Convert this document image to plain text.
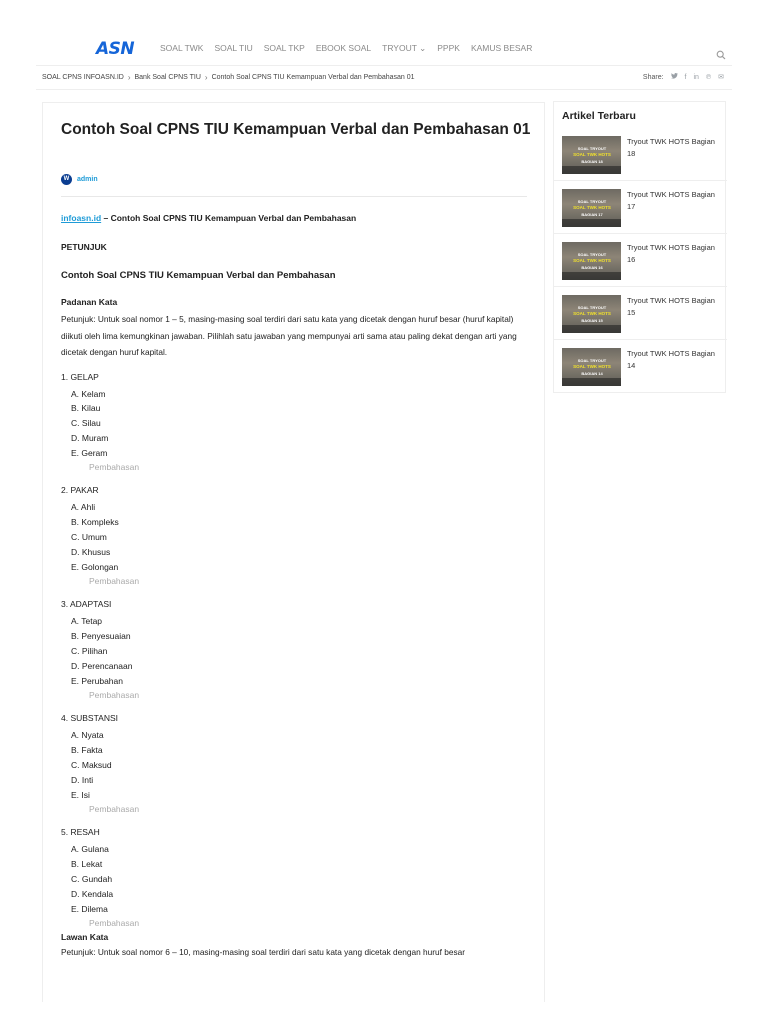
ASN	SOAL TWK SOAL TIU SOAL TKP EBOOK SOAL TRYOUT ⌄ PPPK KAMUS BESAR
SOAL CPNS INFOASN.ID › Bank Soal CPNS TIU › Contoh Soal CPNS TIU Kemampuan Verbal dan Pembahasan 01	Share:	f in ℗ ✉
Contoh Soal CPNS TIU Kemampuan Verbal dan Pembahasan 01
W	admin
infoasn.id – Contoh Soal CPNS TIU Kemampuan Verbal dan Pembahasan
PETUNJUK
Contoh Soal CPNS TIU Kemampuan Verbal dan Pembahasan
Padanan Kata
Petunjuk: Untuk soal nomor 1 – 5, masing-masing soal terdiri dari satu kata yang dicetak dengan huruf besar (huruf kapital) diikuti oleh lima kemungkinan jawaban. Pilihlah satu jawaban yang mempunyai arti sama atau paling dekat dengan arti yang dicetak dengan huruf kapital.
1. GELAP
A. Kelam
B. Kilau
C. Silau
D. Muram
E. Geram
Pembahasan
2. PAKAR
A. Ahli
B. Kompleks
C. Umum
D. Khusus
E. Golongan
Pembahasan
3. ADAPTASI
A. Tetap
B. Penyesuaian
C. Pilihan
D. Perencanaan
E. Perubahan
Pembahasan
4. SUBSTANSI
A. Nyata
B. Fakta
C. Maksud
D. Inti
E. Isi
Pembahasan
5. RESAH
A. Gulana
B. Lekat
C. Gundah
D. Kendala
E. Dilema
Pembahasan
Lawan Kata
Petunjuk: Untuk soal nomor 6 – 10, masing-masing soal terdiri dari satu kata yang dicetak dengan huruf besar
Artikel Terbaru
SOAL TRYOUT
SOAL TWK HOTS
BAGIAN 18
Tryout TWK HOTS Bagian 18
SOAL TRYOUT
SOAL TWK HOTS
BAGIAN 17
Tryout TWK HOTS Bagian 17
SOAL TRYOUT
SOAL TWK HOTS
BAGIAN 16
Tryout TWK HOTS Bagian 16
SOAL TRYOUT
SOAL TWK HOTS
BAGIAN 15
Tryout TWK HOTS Bagian 15
SOAL TRYOUT
SOAL TWK HOTS
BAGIAN 14
Tryout TWK HOTS Bagian 14
